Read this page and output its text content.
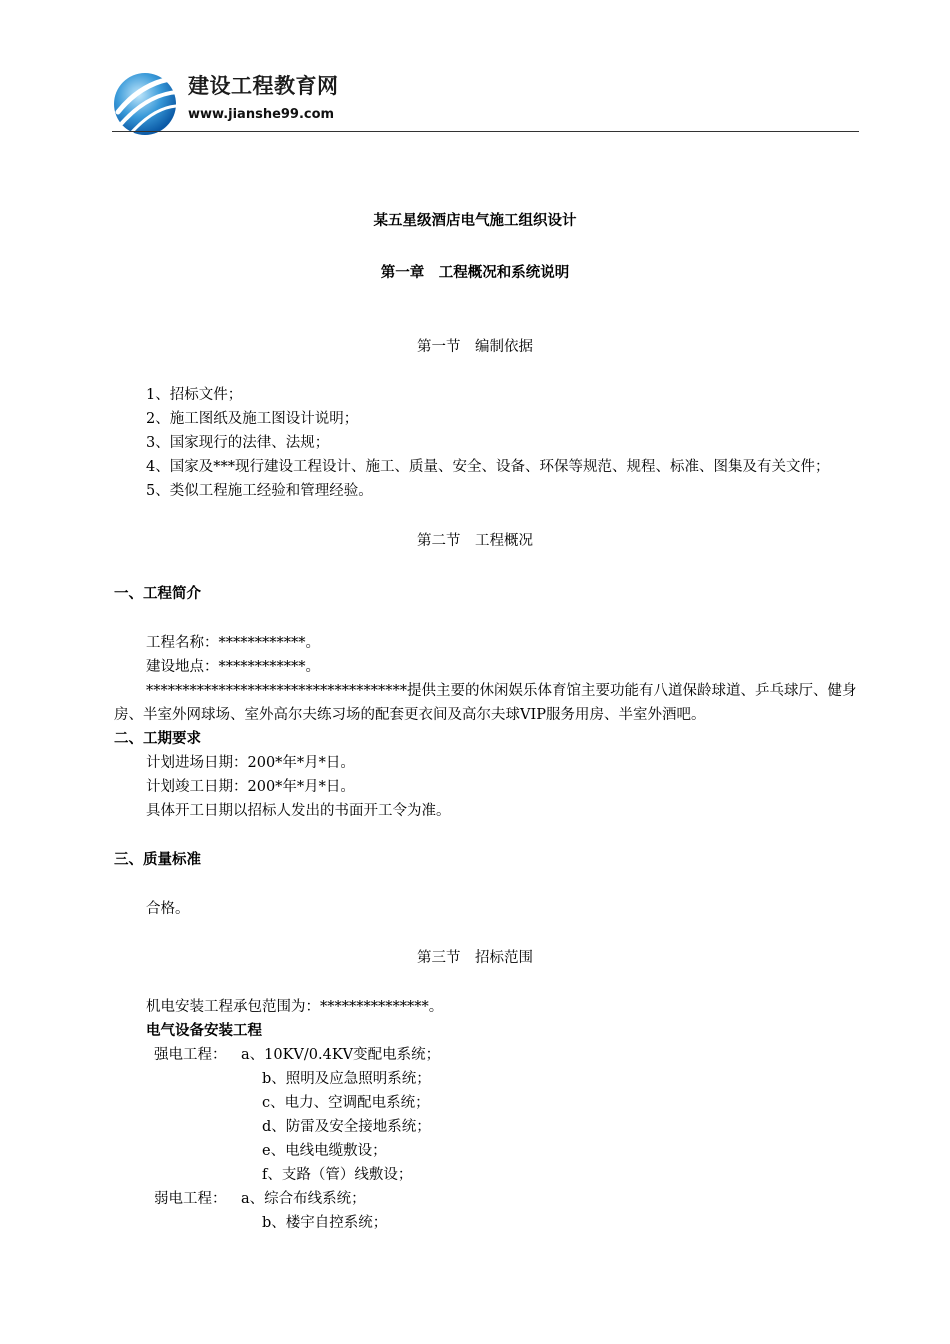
建设工程教育网
www.jianshe99.com
某五星级酒店电气施工组织设计
第一章　工程概况和系统说明
第一节　编制依据
1、招标文件；
2、施工图纸及施工图设计说明；
3、国家现行的法律、法规；
4、国家及***现行建设工程设计、施工、质量、安全、设备、环保等规范、规程、标准、图集及有关文件；
5、类似工程施工经验和管理经验。
第二节　工程概况
一、工程简介
工程名称：************。
建设地点：************。
************************************提供主要的休闲娱乐体育馆主要功能有八道保龄球道、乒乓球厅、健身房、半室外网球场、室外高尔夫练习场的配套更衣间及高尔夫球VIP服务用房、半室外酒吧。
二、工期要求
计划进场日期：200*年*月*日。
计划竣工日期：200*年*月*日。
具体开工日期以招标人发出的书面开工令为准。
三、质量标准
合格。
第三节　招标范围
机电安装工程承包范围为：***************。
电气设备安装工程
强电工程： a、10KV/0.4KV变配电系统；
b、照明及应急照明系统；
c、电力、空调配电系统；
d、防雷及安全接地系统；
e、电线电缆敷设；
f、支路（管）线敷设；
弱电工程： a、综合布线系统；
b、楼宇自控系统；
